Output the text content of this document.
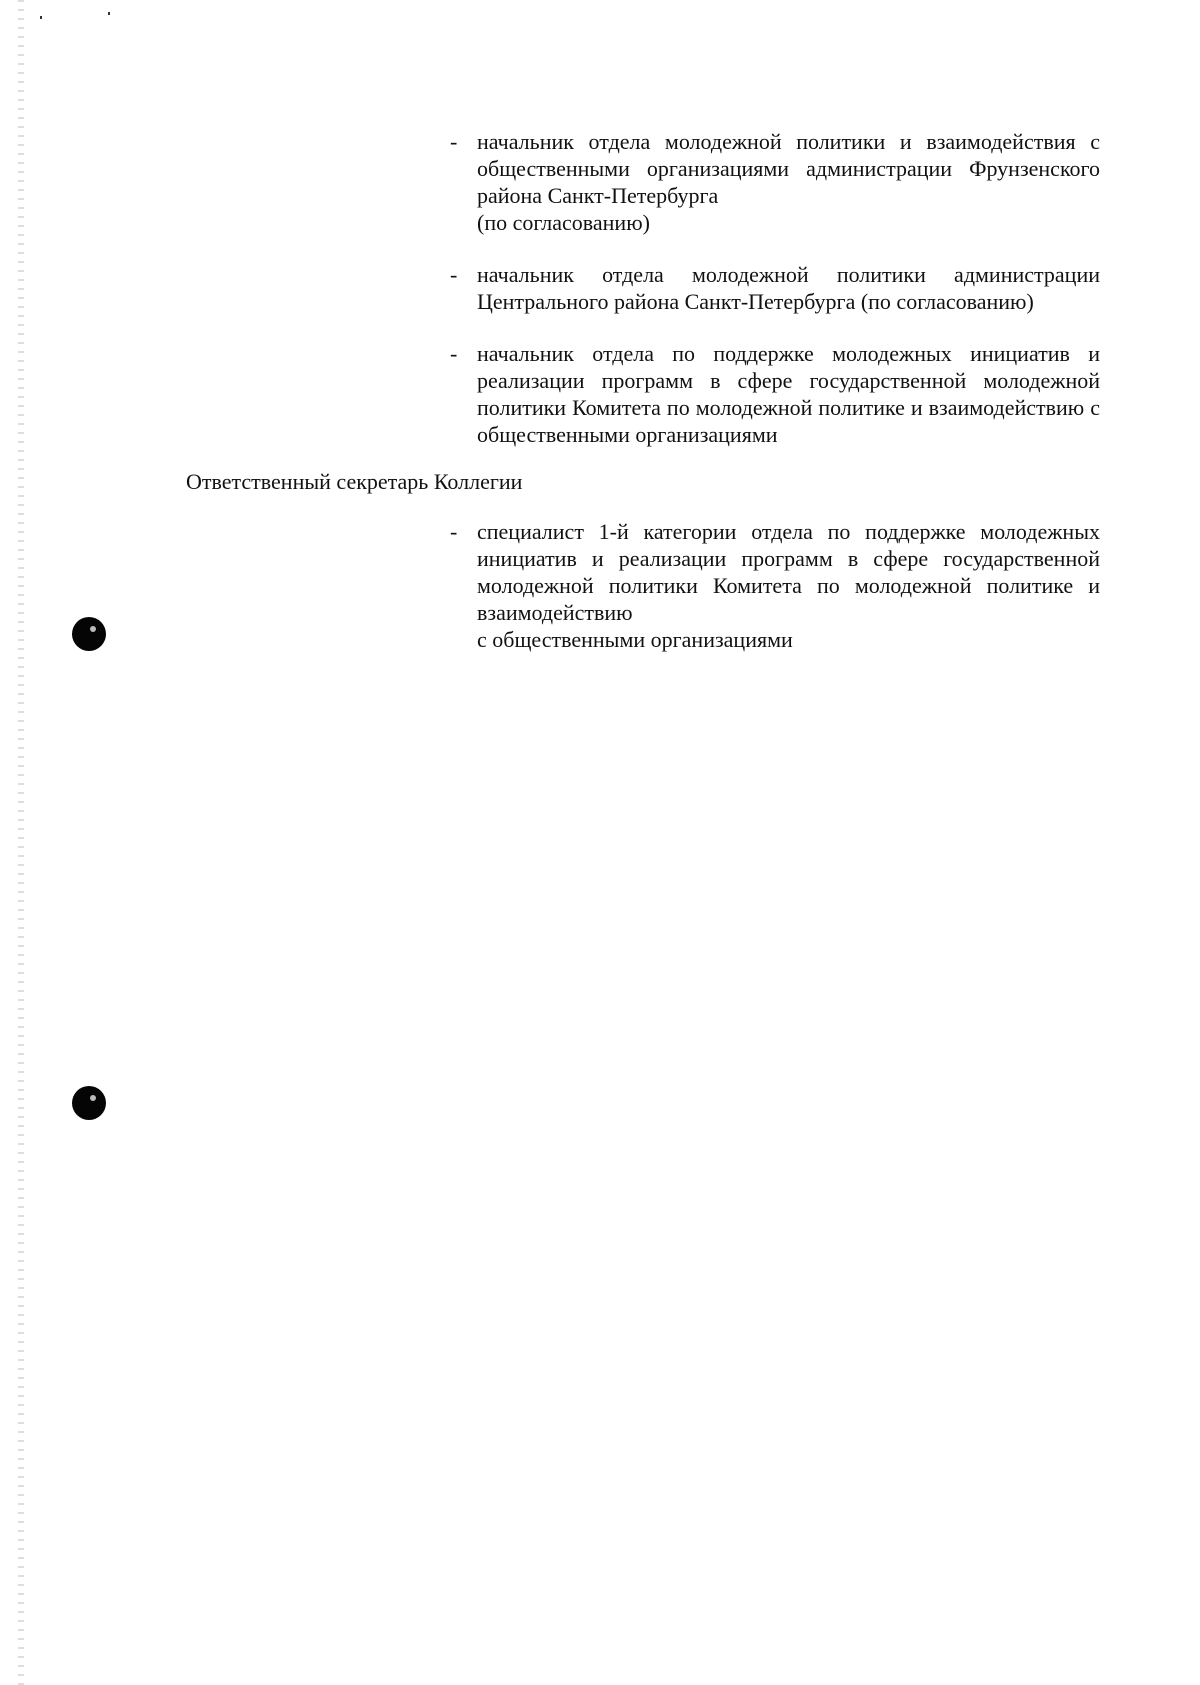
- начальник отдела молодежной политики и взаимодействия с общественными организациями администрации Фрунзенского района Санкт-Петербурга
(по согласованию)
- начальник отдела молодежной политики администрации Центрального района Санкт-Петербурга (по согласованию)
- начальник отдела по поддержке молодежных инициатив и реализации программ в сфере государственной молодежной политики Комитета по молодежной политике и взаимодействию с общественными организациями
Ответственный секретарь Коллегии
- специалист 1-й категории отдела по поддержке молодежных инициатив и реализации программ в сфере государственной молодежной политики Комитета по молодежной политике и взаимодействию
с общественными организациями
